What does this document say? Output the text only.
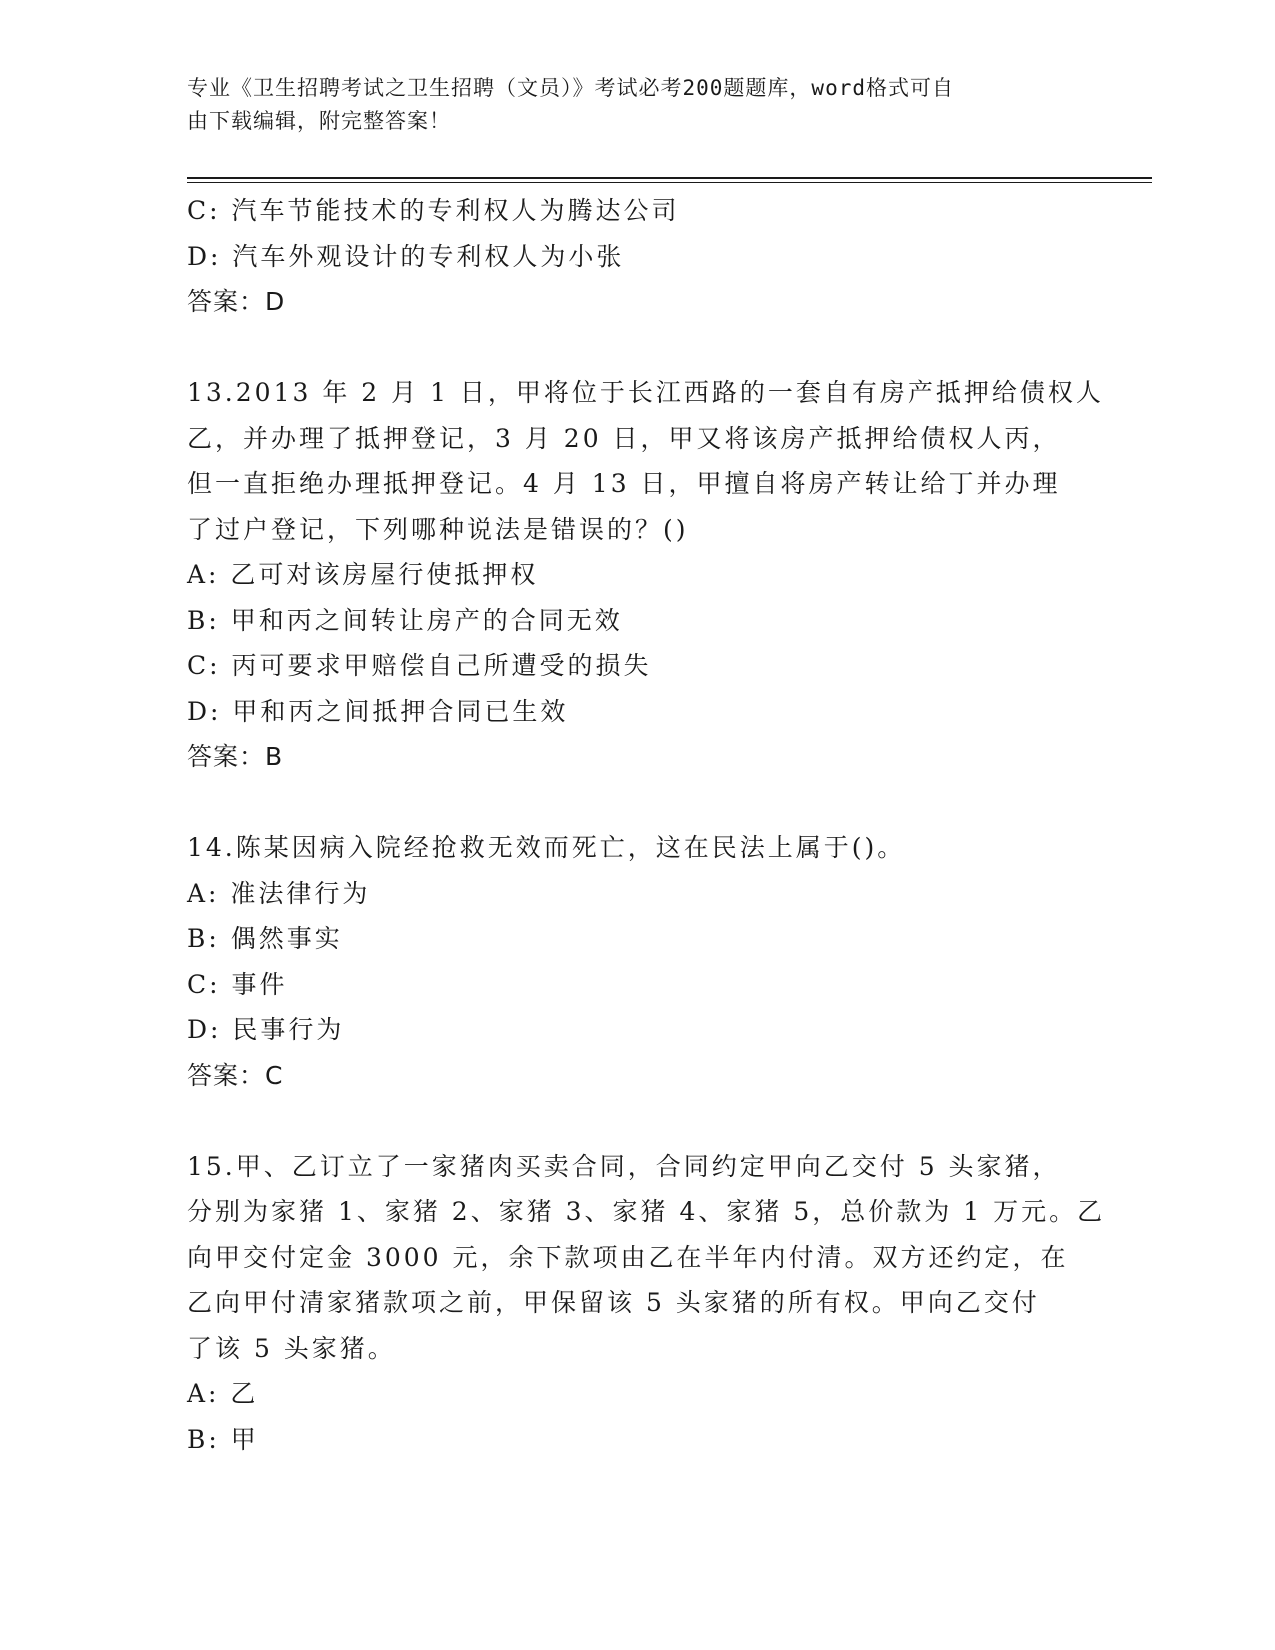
专业《卫生招聘考试之卫生招聘（文员）》考试必考200题题库，word格式可自
由下载编辑，附完整答案！
C: 汽车节能技术的专利权人为腾达公司
D: 汽车外观设计的专利权人为小张
答案：D
13.2013 年 2 月 1 日，甲将位于长江西路的一套自有房产抵押给债权人
乙，并办理了抵押登记，3 月 20 日，甲又将该房产抵押给债权人丙，
但一直拒绝办理抵押登记。4 月 13 日，甲擅自将房产转让给丁并办理
了过户登记，下列哪种说法是错误的？()
A: 乙可对该房屋行使抵押权
B: 甲和丙之间转让房产的合同无效
C: 丙可要求甲赔偿自己所遭受的损失
D: 甲和丙之间抵押合同已生效
答案：B
14.陈某因病入院经抢救无效而死亡，这在民法上属于()。
A: 准法律行为
B: 偶然事实
C: 事件
D: 民事行为
答案：C
15.甲、乙订立了一家猪肉买卖合同，合同约定甲向乙交付 5 头家猪，
分别为家猪 1、家猪 2、家猪 3、家猪 4、家猪 5，总价款为 1 万元。乙
向甲交付定金 3000 元，余下款项由乙在半年内付清。双方还约定，在
乙向甲付清家猪款项之前，甲保留该 5 头家猪的所有权。甲向乙交付
了该 5 头家猪。
A: 乙
B: 甲
